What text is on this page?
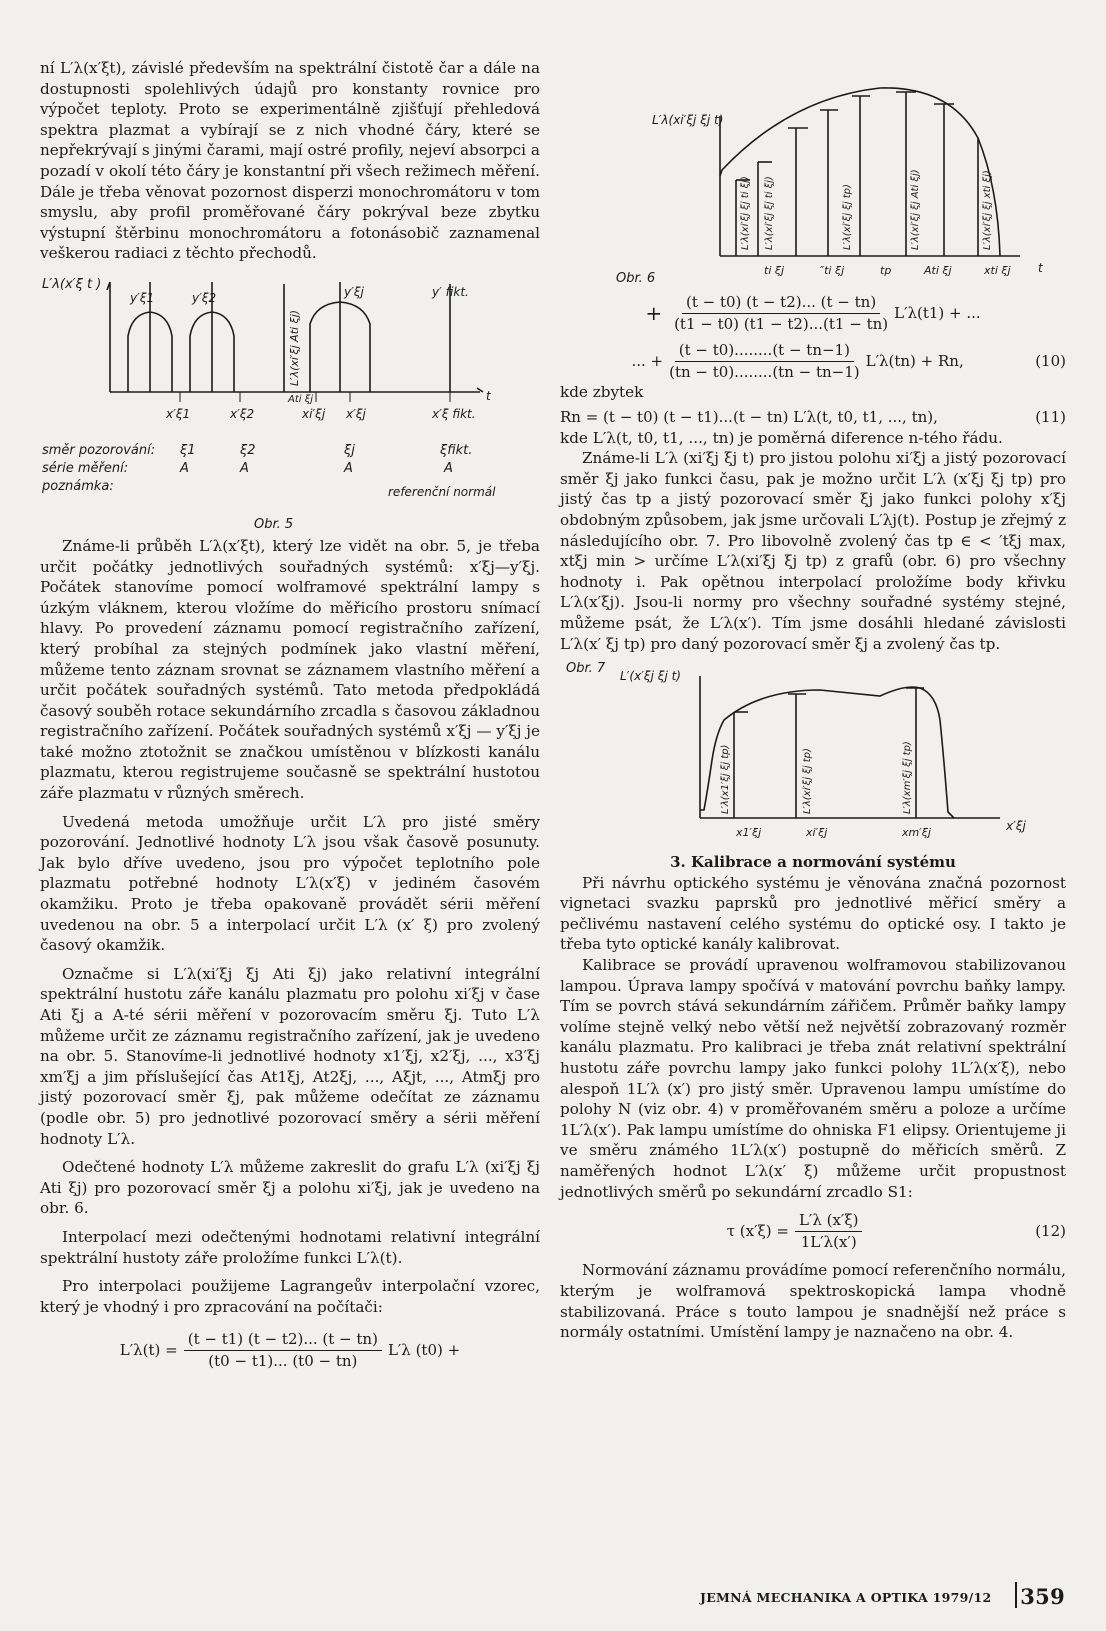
ní L′λ(x′ξt), závislé především na spektrální čistotě čar a dále na dostupnosti spolehlivých údajů pro konstanty rovnice pro výpočet teploty. Proto se experimentálně zjišťují přehledová spektra plazmat a vybírají se z nich vhodné čáry, které se nepřekrývají s jinými čarami, mají ostré profily, nejeví absorpci a pozadí v okolí této čáry je konstantní při všech režimech měření. Dále je třeba věnovat pozornost disperzi monochromátoru v tom smyslu, aby profil proměřované čáry pokrýval beze zbytku výstupní štěrbinu monochromátoru a fotonásobič zaznamenal veškerou radiaci z těchto přechodů.

L′λ(x′ξ t )
y′ξ1	y′ξ2	y′ξj	y′ fikt.
L′λ(xi′ξj Ati ξj)
Ati ξj	t
x′ξ1	x′ξ2	xi′ξj x′ξj	x′ξ fikt.
směr pozorování: ξ1	ξ2	ξj	ξfikt.
série měření:	A	A	A	A
poznámka:	referenční normál
Obr. 5

Známe-li průběh L′λ(x′ξt), který lze vidět na obr. 5, je třeba určit počátky jednotlivých souřadných systémů: x′ξj—y′ξj. Počátek stanovíme pomocí wolframové spektrální lampy s úzkým vláknem, kterou vložíme do měřicího prostoru snímací hlavy. Po provedení záznamu pomocí registračního zařízení, který probíhal za stejných podmínek jako vlastní měření, můžeme tento záznam srovnat se záznamem vlastního měření a určit počátek souřadných systémů. Tato metoda předpokládá časový souběh rotace sekundárního zrcadla s časovou základnou registračního zařízení. Počátek souřadných systémů x′ξj — y′ξj je také možno ztotožnit se značkou umístěnou v blízkosti kanálu plazmatu, kterou registrujeme současně se spektrální hustotou záře plazmatu v různých směrech.

Uvedená metoda umožňuje určit L′λ pro jisté směry pozorování. Jednotlivé hodnoty L′λ jsou však časově posunuty. Jak bylo dříve uvedeno, jsou pro výpočet teplotního pole plazmatu potřebné hodnoty L′λ(x′ξ) v jediném časovém okamžiku. Proto je třeba opakovaně provádět sérii měření uvedenou na obr. 5 a interpolací určit L′λ (x′ ξ) pro zvolený časový okamžik.

Označme si L′λ(xi′ξj ξj Ati ξj) jako relativní integrální spektrální hustotu záře kanálu plazmatu pro polohu xi′ξj v čase Ati ξj a A-té sérii měření v pozorovacím směru ξj. Tuto L′λ můžeme určit ze záznamu registračního zařízení, jak je uvedeno na obr. 5. Stanovíme-li jednotlivé hodnoty x1′ξj, x2′ξj, ..., x3′ξj xm′ξj a jim příslušející čas At1ξj, At2ξj, ..., Aξjt, ..., Atmξj pro jistý pozorovací směr ξj, pak můžeme odečítat ze záznamu (podle obr. 5) pro jednotlivé pozorovací směry a sérii měření hodnoty L′λ.

Odečtené hodnoty L′λ můžeme zakreslit do grafu L′λ (xi′ξj ξj Ati ξj) pro pozorovací směr ξj a polohu xi′ξj, jak je uvedeno na obr. 6.

Interpolací mezi odečtenými hodnotami relativní integrální spektrální hustoty záře proložíme funkci L′λ(t).

Pro interpolaci použijeme Lagrangeův interpolační vzorec, který je vhodný i pro zpracování na počítači:

$L'\lambda(t) = \frac{(t - t1) (t - t2)... (t - tn)}{(t0 - t1)... (t0 - tn)} L'\lambda$ (t0) +
L′λ(xi′ξj ξj t)
L′λ(xi′ξj ξj ti ξj) L′λ(xi′ξj ξj ti ξj)	L′λ(xi′ξj ξj tp)	L′λ(xi′ξj ξj Ati ξj)	L′λ(xi′ξj ξj xti ξj)
ti ξj	″ti ξj	tp	Ati ξj	xti ξj t
Obr. 6
+ $\frac{(t - t0) (t - t2)... (t - tn)}{(t1 - t0) (t1 - t2)...(t1 - tn)} L'\lambda(t1)$ + ...
... + $\frac{(t - t0)........(t - tn-1)}{(tn - t0)........(tn - tn-1)} L'\lambda(tn) + Rn$,	(10)

kde zbytek

Rn = (t − t0) (t − t1)...(t − tn) L′λ(t, t0, t1, ..., tn),	(11)

kde L′λ(t, t0, t1, ..., tn) je poměrná diference n-tého řádu.

Známe-li L′λ (xi′ξj ξj t) pro jistou polohu xi′ξj a jistý pozorovací směr ξj jako funkci času, pak je možno určit L′λ (x′ξj ξj tp) pro jistý čas tp a jistý pozorovací směr ξj jako funkci polohy x′ξj obdobným způsobem, jak jsme určovali L′λj(t). Postup je zřejmý z následujícího obr. 7. Pro libovolně zvolený čas tp ∈ < ′tξj max, xtξj min > určíme L′λ(xi′ξj ξj tp) z grafů (obr. 6) pro všechny hodnoty i. Pak opětnou interpolací proložíme body křivku L′λ(x′ξj). Jsou-li normy pro všechny souřadné systémy stejné, můžeme psát, že L′λ(x′). Tím jsme dosáhli hledané závislosti L′λ(x′ ξj tp) pro daný pozorovací směr ξj a zvolený čas tp.

Obr. 7 L′(x′ξj ξj t)
L′λ(x1′ξj ξj tp)	L′λ(xi′ξj ξj tp)	L′λ(xm′ξj ξj tp)
x1′ξj	xi′ξj	xm′ξj	x′ξj

3. Kalibrace a normování systému

Při návrhu optického systému je věnována značná pozornost vignetaci svazku paprsků pro jednotlivé měřicí směry a pečlivému nastavení celého systému do optické osy. I takto je třeba tyto optické kanály kalibrovat.

Kalibrace se provádí upravenou wolframovou stabilizovanou lampou. Úprava lampy spočívá v matování povrchu baňky lampy. Tím se povrch stává sekundárním zářičem. Průměr baňky lampy volíme stejně velký nebo větší než největší zobrazovaný rozměr kanálu plazmatu. Pro kalibraci je třeba znát relativní spektrální hustotu záře povrchu lampy jako funkci polohy 1L′λ(x′ξ), nebo alespoň 1L′λ (x′) pro jistý směr. Upravenou lampu umístíme do polohy N (viz obr. 4) v proměřovaném směru a poloze a určíme 1L′λ(x′). Pak lampu umístíme do ohniska F1 elipsy. Orientujeme ji ve směru známého 1L′λ(x′) postupně do měřicích směrů. Z naměřených hodnot L′λ(x′ ξ) můžeme určit propustnost jednotlivých směrů po sekundární zrcadlo S1:

τ $(x'\xi) = \frac{L'\lambda (x'\xi)}{1L'\lambda(x')}$	(12)

Normování záznamu provádíme pomocí referenčního normálu, kterým je wolframová spektroskopická lampa vhodně stabilizovaná. Práce s touto lampou je snadnější než práce s normály ostatními. Umístění lampy je naznačeno na obr. 4.

JEMNÁ MECHANIKA A OPTIKA 1979/12 359
